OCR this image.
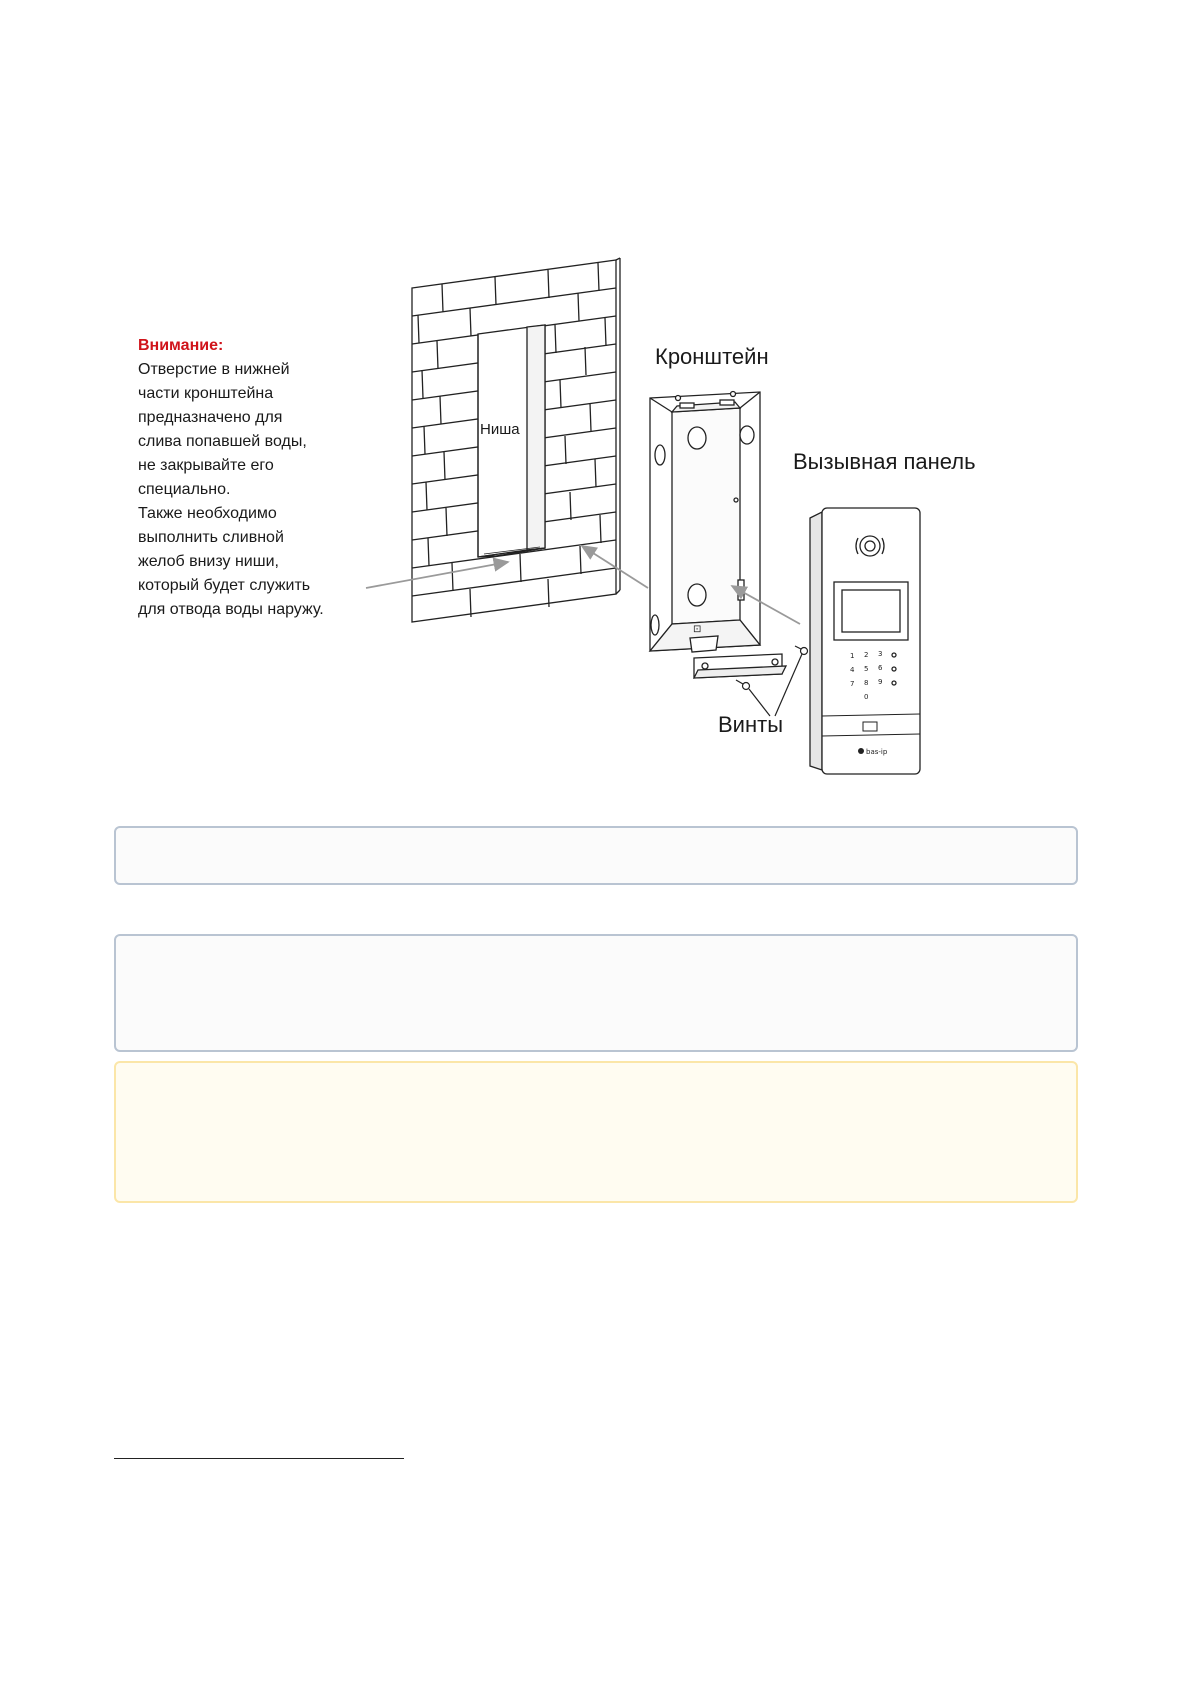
Внимание:
Отверстие в нижней
части кронштейна
предназначено для
слива попавшей воды,
не закрывайте его
специально.
Также необходимо
выполнить сливной
желоб внизу ниши,
который будет служить
для отвода воды наружу.
⊡
1 2 3
4 5 6
7 8 9
0
bas-ip
Ниша
Кронштейн
Вызывная панель
Винты
